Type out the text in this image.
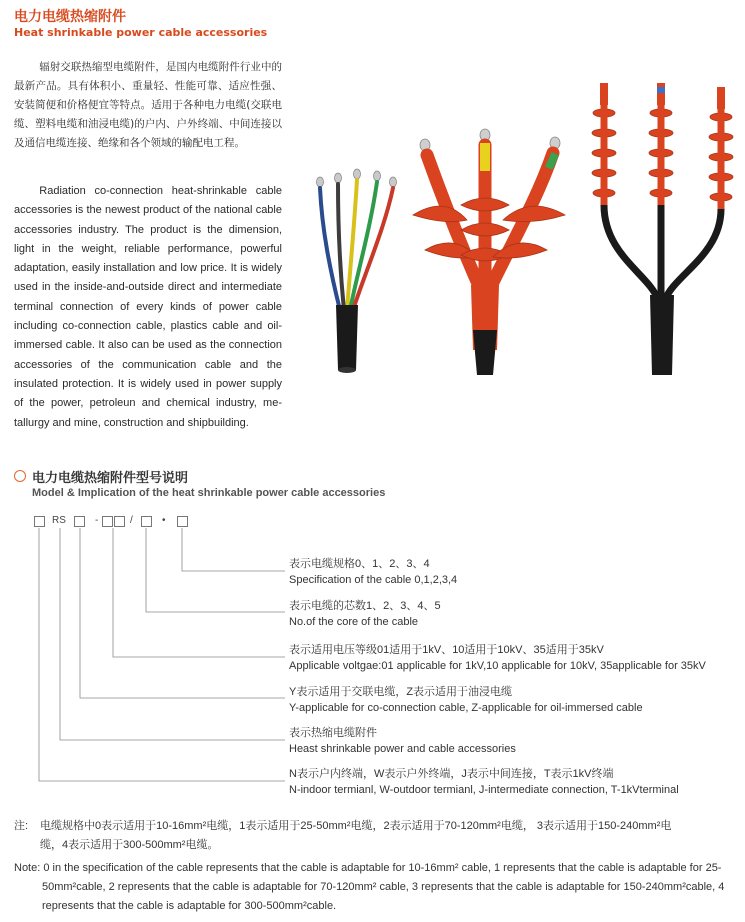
电力电缆热缩附件
Heat shrinkable power cable accessories
辐射交联热缩型电缆附件，是国内电缆附件行业中的最新产品。具有体积小、重量轻、性能可靠、适应性强、安装简便和价格便宜等特点。适用于各种电力电缆(交联电缆、塑料电缆和油浸电缆)的户内、户外终端、中间连接以及通信电缆连接、绝缘和各个领域的输配电工程。
Radiation co-connection heat-shrinkable cable accessories is the newest product of the national cable accessories industry. The product is the dimension, light in the weight, reliable performance, powerful adaptation, easily installation and low price. It is widely used in the inside-and-outside direct and intermediate terminal connection of every kinds of power cable including co-connection cable, plastics cable and oil-immersed cable. It also can be used as the connection accessories of the communication cable and the insulated protection. It is widely used in power supply of the power, petroleun and chemical industry, me-tallurgy and mine, construction and shipbuilding.
电力电缆热缩附件型号说明
Model & Implication of the heat shrinkable power cable accessories
RS	-	/	•
表示电缆规格0、1、2、3、4
Specification of the cable 0,1,2,3,4
表示电缆的芯数1、2、3、4、5
No.of the core of the cable
表示适用电压等级01适用于1kV、10适用于10kV、35适用于35kV
Applicable voltgae:01 applicable for 1kV,10 applicable for 10kV, 35applicable for 35kV
Y表示适用于交联电缆，Z表示适用于油浸电缆
Y-applicable for co-connection cable, Z-applicable for oil-immersed cable
表示热缩电缆附件
Heast shrinkable power and cable accessories
N表示户内终端，W表示户外终端，J表示中间连接，T表示1kV终端
N-indoor termianl, W-outdoor termianl, J-intermediate connection, T-1kVterminal
注: 电缆规格中0表示适用于10-16mm²电缆，1表示适用于25-50mm²电缆，2表示适用于70-120mm²电缆， 3表示适用于150-240mm²电
缆，4表示适用于300-500mm²电缆。
Note: 0 in the specification of the cable represents that the cable is adaptable for 10-16mm² cable, 1 represents that the cable is adaptable for 25-50mm²cable, 2 represents that the cable is adaptable for 70-120mm² cable, 3 represents that the cable is adaptable for 150-240mm²cable, 4 represents that the cable is adaptable for 300-500mm²cable.
